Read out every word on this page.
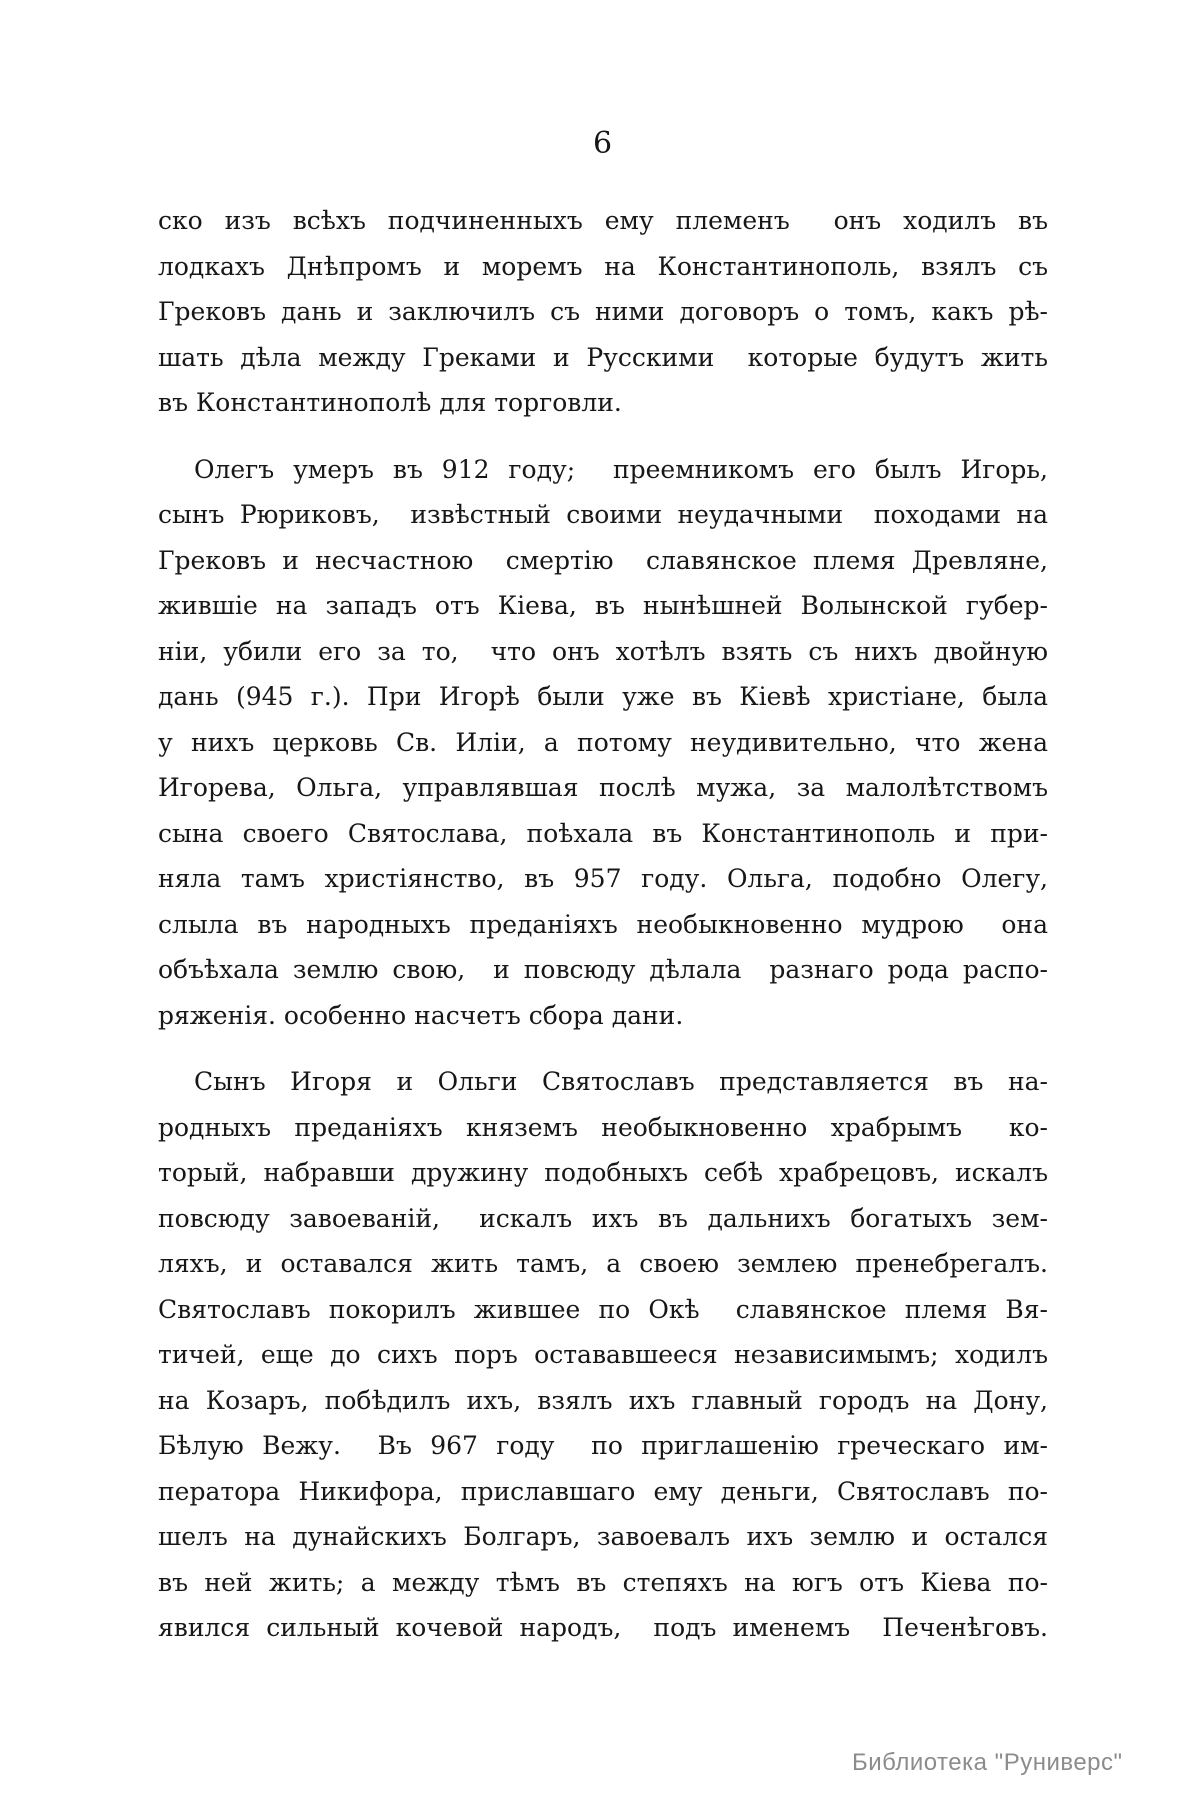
6
ско изъ всѣхъ подчиненныхъ ему племенъ  онъ ходилъ въ
лодкахъ Днѣпромъ и моремъ на Константинополь, взялъ съ
Грековъ дань и заключилъ съ ними договоръ о томъ, какъ рѣ-
шать дѣла между Греками и Русскими  которые будутъ жить
въ Константинополѣ для торговли.
Олегъ умеръ въ 912 году;  преемникомъ его былъ Игорь,
сынъ Рюриковъ,  извѣстный своими неудачными  походами на
Грековъ и несчастною  смертію  славянское племя Древляне,
жившіе на западъ отъ Кіева, въ нынѣшней Волынской губер-
ніи, убили его за то,  что онъ хотѣлъ взять съ нихъ двойную
дань (945 г.). При Игорѣ были уже въ Кіевѣ христіане, была
у нихъ церковь Св. Иліи, а потому неудивительно, что жена
Игорева, Ольга, управлявшая послѣ мужа, за малолѣтствомъ
сына своего Святослава, поѣхала въ Константинополь и при-
няла тамъ христіянство, въ 957 году. Ольга, подобно Олегу,
слыла въ народныхъ преданіяхъ необыкновенно мудрою  она
объѣхала землю свою,  и повсюду дѣлала  разнаго рода распо-
ряженія. особенно насчетъ сбора дани.
Сынъ Игоря и Ольги Святославъ представляется въ на-
родныхъ преданіяхъ княземъ необыкновенно храбрымъ  ко-
торый, набравши дружину подобныхъ себѣ храбрецовъ, искалъ
повсюду завоеваній,  искалъ ихъ въ дальнихъ богатыхъ зем-
ляхъ, и оставался жить тамъ, а своею землею пренебрегалъ.
Святославъ покорилъ жившее по Окѣ  славянское племя Вя-
тичей, еще до сихъ поръ остававшееся независимымъ; ходилъ
на Козаръ, побѣдилъ ихъ, взялъ ихъ главный городъ на Дону,
Бѣлую Вежу.  Въ 967 году  по приглашенію греческаго им-
ператора Никифора, приславшаго ему деньги, Святославъ по-
шелъ на дунайскихъ Болгаръ, завоевалъ ихъ землю и остался
въ ней жить; а между тѣмъ въ степяхъ на югъ отъ Кіева по-
явился сильный кочевой народъ,  подъ именемъ  Печенѣговъ.
Библиотека "Руниверс"
